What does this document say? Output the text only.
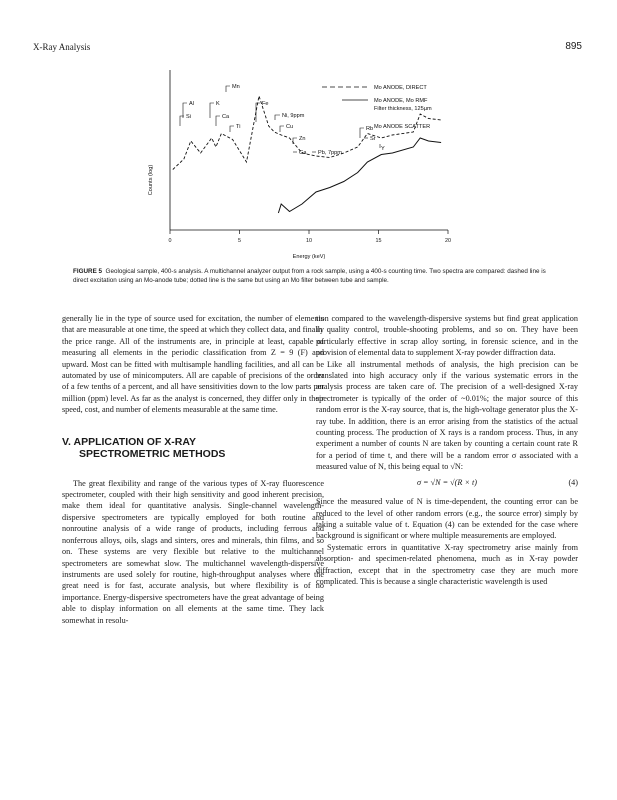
X-Ray Analysis	895
0	5	10	15	20
Energy (keV)
Counts (log)
Mn
Al	K	Fe
Si	Ca
Ti
Ni, 9ppm
Cu
Zn
Ga Pb, 7ppm
Rb
Sr
Y
Mo ANODE, DIRECT
Mo ANODE, Mo RMF
Filter thickness, 125µm
Mo ANODE SCATTER
FIGURE 5 Geological sample, 400-s analysis. A multichannel analyzer output from a rock sample, using a 400-s counting time. Two spectra are compared: dashed line is direct excitation using an Mo-anode tube; dotted line is the same but using an Mo filter between tube and sample.

generally lie in the type of source used for excitation, the number of elements that are measurable at one time, the speed at which they collect data, and finally the price range. All of the instruments are, in principle at least, capable of measuring all elements in the periodic classification from Z = 9 (F) and upward. Most can be fitted with multisample handling facilities, and all can be automated by use of minicomputers. All are capable of precisions of the order of a few tenths of a percent, and all have sensitivities down to the low parts per million (ppm) level. As far as the analyst is concerned, they differ only in their speed, cost, and number of elements measurable at the same time.

V. APPLICATION OF X-RAY
SPECTROMETRIC METHODS

The great flexibility and range of the various types of X-ray fluorescence spectrometer, coupled with their high sensitivity and good inherent precision, make them ideal for quantitative analysis. Single-channel wavelength-dispersive spectrometers are typically employed for both routine and nonroutine analysis of a wide range of products, including ferrous and nonferrous alloys, oils, slags and sinters, ores and minerals, thin films, and so on. These systems are very flexible but relative to the multichannel spectrometers are somewhat slow. The multichannel wavelength-dispersive instruments are used solely for routine, high-throughput analyses where the great need is for fast, accurate analysis, but where flexibility is of no importance. Energy-dispersive spectrometers have the great advantage of being able to display information on all elements at the same time. They lack somewhat in resolu-

tion compared to the wavelength-dispersive systems but find great application in quality control, trouble-shooting problems, and so on. They have been particularly effective in scrap alloy sorting, in forensic science, and in the provision of elemental data to supplement X-ray powder diffraction data.

Like all instrumental methods of analysis, the high precision can be translated into high accuracy only if the various systematic errors in the analysis process are taken care of. The precision of a well-designed X-ray spectrometer is typically of the order of ~0.01%; the major source of this random error is the X-ray source, that is, the high-voltage generator plus the X-ray tube. In addition, there is an error arising from the statistics of the actual counting process. The production of X rays is a random process. Thus, in any experiment a number of counts N are taken by counting a certain count rate R for a period of time t, and there will be a random error σ associated with a measured value of N, this being equal to √N:

σ = √N = √(R × t)	(4)

Since the measured value of N is time-dependent, the counting error can be reduced to the level of other random errors (e.g., the source error) simply by taking a suitable value of t. Equation (4) can be extended for the case where background is significant or where multiple measurements are employed.

Systematic errors in quantitative X-ray spectrometry arise mainly from absorption- and specimen-related phenomena, much as in X-ray powder diffraction, except that in the spectrometry case they are much more complicated. This is because a single characteristic wavelength is used
